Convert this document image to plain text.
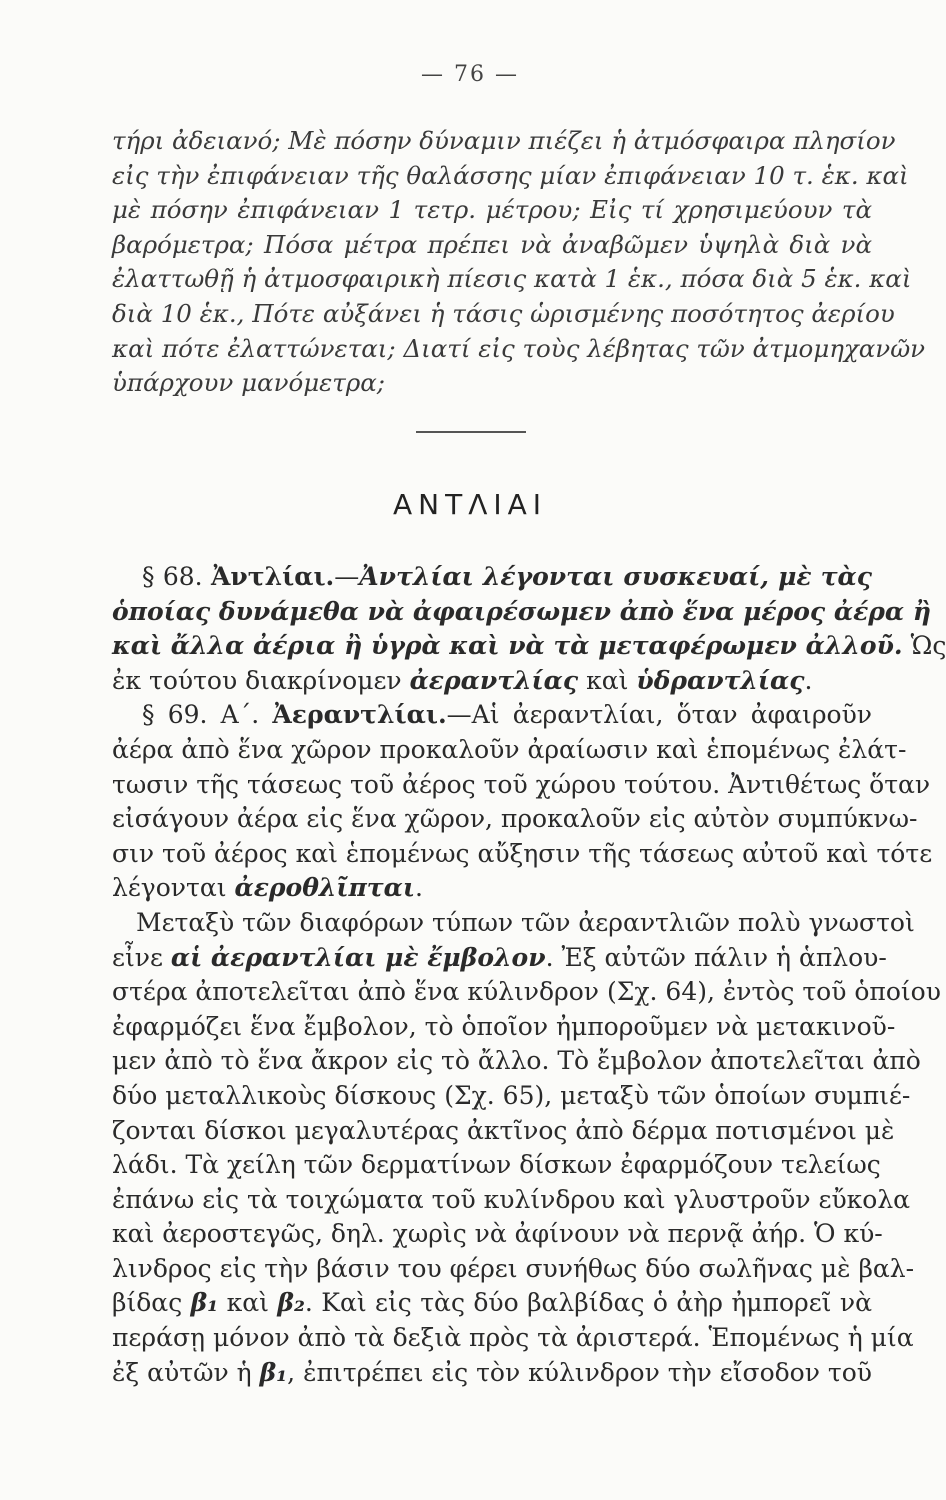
— 76 —
τήρι ἀδειανό; Μὲ πόσην δύναμιν πιέζει ἡ ἀτμόσφαιρα πλησίον
εἰς τὴν ἐπιφάνειαν τῆς θαλάσσης μίαν ἐπιφάνειαν 10 τ. ἑκ. καὶ
μὲ πόσην ἐπιφάνειαν 1 τετρ. μέτρου; Εἰς τί χρησιμεύουν τὰ
βαρόμετρα; Πόσα μέτρα πρέπει νὰ ἀναβῶμεν ὑψηλὰ διὰ νὰ
ἐλαττωθῇ ἡ ἀτμοσφαιρικὴ πίεσις κατὰ 1 ἑκ., πόσα διὰ 5 ἑκ. καὶ
διὰ 10 ἑκ., Πότε αὐξάνει ἡ τάσις ὡρισμένης ποσότητος ἀερίου
καὶ πότε ἐλαττώνεται; Διατί εἰς τοὺς λέβητας τῶν ἀτμομηχανῶν
ὑπάρχουν μανόμετρα;
ΑΝΤΛΙΑΙ
§ 68. Ἀντλίαι.—Ἀντλίαι λέγονται συσκευαί, μὲ τὰς
ὁποίας δυνάμεθα νὰ ἀφαιρέσωμεν ἀπὸ ἕνα μέρος ἀέρα ἢ
καὶ ἄλλα ἀέρια ἢ ὑγρὰ καὶ νὰ τὰ μεταφέρωμεν ἀλλοῦ. Ὡς
ἐκ τούτου διακρίνομεν ἀεραντλίας καὶ ὑδραντλίας.
§ 69. Α΄. Ἀεραντλίαι.—Αἱ ἀεραντλίαι, ὅταν ἀφαιροῦν
ἀέρα ἀπὸ ἕνα χῶρον προκαλοῦν ἀραίωσιν καὶ ἑπομένως ἐλάτ-
τωσιν τῆς τάσεως τοῦ ἀέρος τοῦ χώρου τούτου. Ἀντιθέτως ὅταν
εἰσάγουν ἀέρα εἰς ἕνα χῶρον, προκαλοῦν εἰς αὐτὸν συμπύκνω-
σιν τοῦ ἀέρος καὶ ἑπομένως αὔξησιν τῆς τάσεως αὐτοῦ καὶ τότε
λέγονται ἀεροθλῖπται.
Μεταξὺ τῶν διαφόρων τύπων τῶν ἀεραντλιῶν πολὺ γνωστοὶ
εἶνε αἱ ἀεραντλίαι μὲ ἔμβολον. Ἐξ αὐτῶν πάλιν ἡ ἁπλου-
στέρα ἀποτελεῖται ἀπὸ ἕνα κύλινδρον (Σχ. 64), ἐντὸς τοῦ ὁποίου
ἐφαρμόζει ἕνα ἔμβολον, τὸ ὁποῖον ἠμποροῦμεν νὰ μετακινοῦ-
μεν ἀπὸ τὸ ἕνα ἄκρον εἰς τὸ ἄλλο. Τὸ ἔμβολον ἀποτελεῖται ἀπὸ
δύο μεταλλικοὺς δίσκους (Σχ. 65), μεταξὺ τῶν ὁποίων συμπιέ-
ζονται δίσκοι μεγαλυτέρας ἀκτῖνος ἀπὸ δέρμα ποτισμένοι μὲ
λάδι. Τὰ χείλη τῶν δερματίνων δίσκων ἐφαρμόζουν τελείως
ἐπάνω εἰς τὰ τοιχώματα τοῦ κυλίνδρου καὶ γλυστροῦν εὔκολα
καὶ ἀεροστεγῶς, δηλ. χωρὶς νὰ ἀφίνουν νὰ περνᾷ ἀήρ. Ὁ κύ-
λινδρος εἰς τὴν βάσιν του φέρει συνήθως δύο σωλῆνας μὲ βαλ-
βίδας β₁ καὶ β₂. Καὶ εἰς τὰς δύο βαλβίδας ὁ ἀὴρ ἠμπορεῖ νὰ
περάσῃ μόνον ἀπὸ τὰ δεξιὰ πρὸς τὰ ἀριστερά. Ἑπομένως ἡ μία
ἐξ αὐτῶν ἡ β₁, ἐπιτρέπει εἰς τὸν κύλινδρον τὴν εἴσοδον τοῦ
